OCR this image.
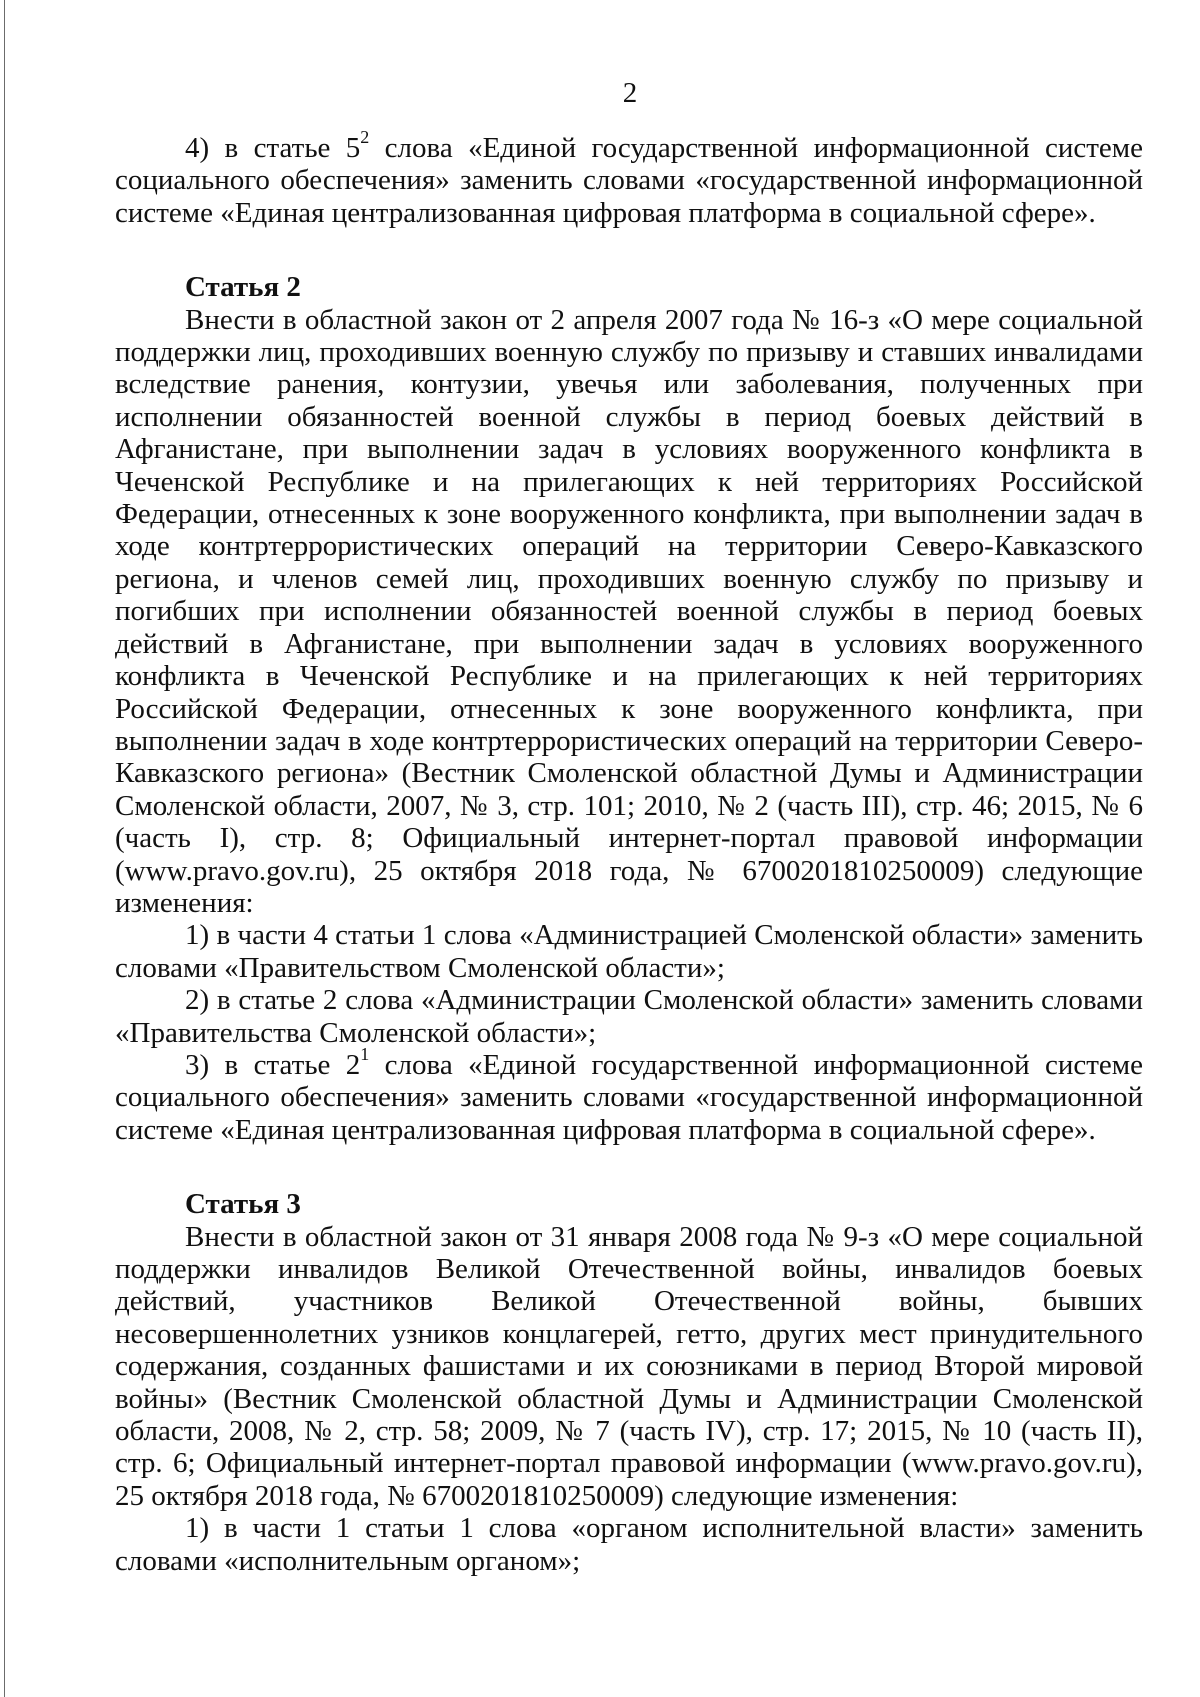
2

4) в статье $5^2$ слова «Единой государственной информационной системе социального обеспечения» заменить словами «государственной информационной системе «Единая централизованная цифровая платформа в социальной сфере».

Статья 2

Внести в областной закон от 2 апреля 2007 года № 16-з «О мере социальной поддержки лиц, проходивших военную службу по призыву и ставших инвалидами вследствие ранения, контузии, увечья или заболевания, полученных при исполнении обязанностей военной службы в период боевых действий в Афганистане, при выполнении задач в условиях вооруженного конфликта в Чеченской Республике и на прилегающих к ней территориях Российской Федерации, отнесенных к зоне вооруженного конфликта, при выполнении задач в ходе контртеррористических операций на территории Северо-Кавказского региона, и членов семей лиц, проходивших военную службу по призыву и погибших при исполнении обязанностей военной службы в период боевых действий в Афганистане, при выполнении задач в условиях вооруженного конфликта в Чеченской Республике и на прилегающих к ней территориях Российской Федерации, отнесенных к зоне вооруженного конфликта, при выполнении задач в ходе контртеррористических операций на территории Северо-Кавказского региона» (Вестник Смоленской областной Думы и Администрации Смоленской области, 2007, № 3, стр. 101; 2010, № 2 (часть III), стр. 46; 2015, № 6 (часть I), стр. 8; Официальный интернет-портал правовой информации (www.pravo.gov.ru), 25 октября 2018 года, № 6700201810250009) следующие изменения:

1) в части 4 статьи 1 слова «Администрацией Смоленской области» заменить словами «Правительством Смоленской области»;

2) в статье 2 слова «Администрации Смоленской области» заменить словами «Правительства Смоленской области»;

3) в статье $2^1$ слова «Единой государственной информационной системе социального обеспечения» заменить словами «государственной информационной системе «Единая централизованная цифровая платформа в социальной сфере».

Статья 3

Внести в областной закон от 31 января 2008 года № 9-з «О мере социальной поддержки инвалидов Великой Отечественной войны, инвалидов боевых действий, участников Великой Отечественной войны, бывших несовершеннолетних узников концлагерей, гетто, других мест принудительного содержания, созданных фашистами и их союзниками в период Второй мировой войны» (Вестник Смоленской областной Думы и Администрации Смоленской области, 2008, № 2, стр. 58; 2009, № 7 (часть IV), стр. 17; 2015, № 10 (часть II), стр. 6; Официальный интернет-портал правовой информации (www.pravo.gov.ru), 25 октября 2018 года, № 6700201810250009) следующие изменения:

1) в части 1 статьи 1 слова «органом исполнительной власти» заменить словами «исполнительным органом»;
